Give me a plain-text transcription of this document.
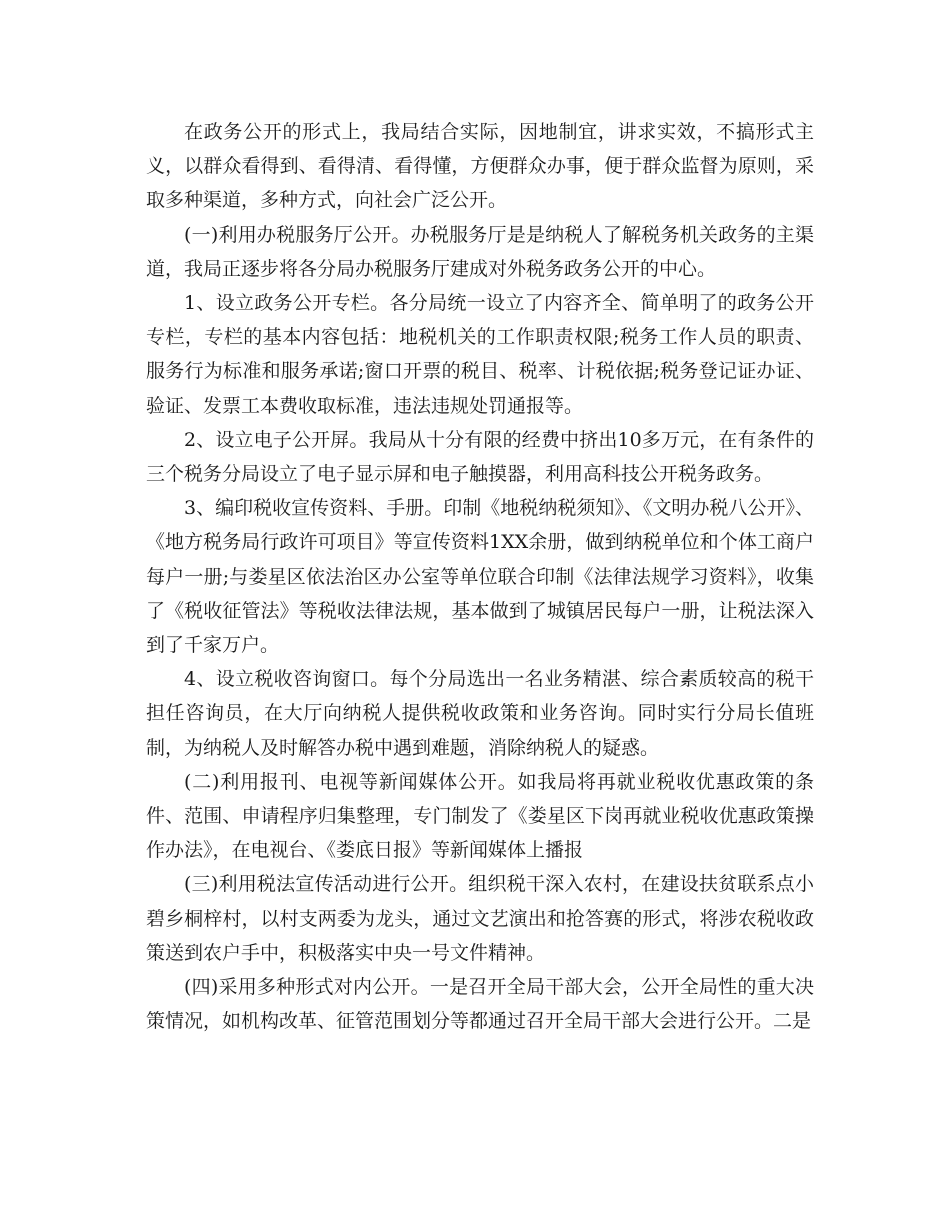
在政务公开的形式上，我局结合实际，因地制宜，讲求实效，不搞形式主义，以群众看得到、看得清、看得懂，方便群众办事，便于群众监督为原则，采取多种渠道，多种方式，向社会广泛公开。

(一)利用办税服务厅公开。办税服务厅是是纳税人了解税务机关政务的主渠道，我局正逐步将各分局办税服务厅建成对外税务政务公开的中心。

1、设立政务公开专栏。各分局统一设立了内容齐全、简单明了的政务公开专栏，专栏的基本内容包括：地税机关的工作职责权限;税务工作人员的职责、服务行为标准和服务承诺;窗口开票的税目、税率、计税依据;税务登记证办证、验证、发票工本费收取标准，违法违规处罚通报等。

2、设立电子公开屏。我局从十分有限的经费中挤出10多万元，在有条件的三个税务分局设立了电子显示屏和电子触摸器，利用高科技公开税务政务。

3、编印税收宣传资料、手册。印制《地税纳税须知》、《文明办税八公开》、《地方税务局行政许可项目》等宣传资料1XX余册，做到纳税单位和个体工商户每户一册;与娄星区依法治区办公室等单位联合印制《法律法规学习资料》，收集了《税收征管法》等税收法律法规，基本做到了城镇居民每户一册，让税法深入到了千家万户。

4、设立税收咨询窗口。每个分局选出一名业务精湛、综合素质较高的税干担任咨询员，在大厅向纳税人提供税收政策和业务咨询。同时实行分局长值班制，为纳税人及时解答办税中遇到难题，消除纳税人的疑惑。

(二)利用报刊、电视等新闻媒体公开。如我局将再就业税收优惠政策的条件、范围、申请程序归集整理，专门制发了《娄星区下岗再就业税收优惠政策操作办法》，在电视台、《娄底日报》等新闻媒体上播报

(三)利用税法宣传活动进行公开。组织税干深入农村，在建设扶贫联系点小碧乡桐梓村，以村支两委为龙头，通过文艺演出和抢答赛的形式，将涉农税收政策送到农户手中，积极落实中央一号文件精神。

(四)采用多种形式对内公开。一是召开全局干部大会，公开全局性的重大决策情况，如机构改革、征管范围划分等都通过召开全局干部大会进行公开。二是
